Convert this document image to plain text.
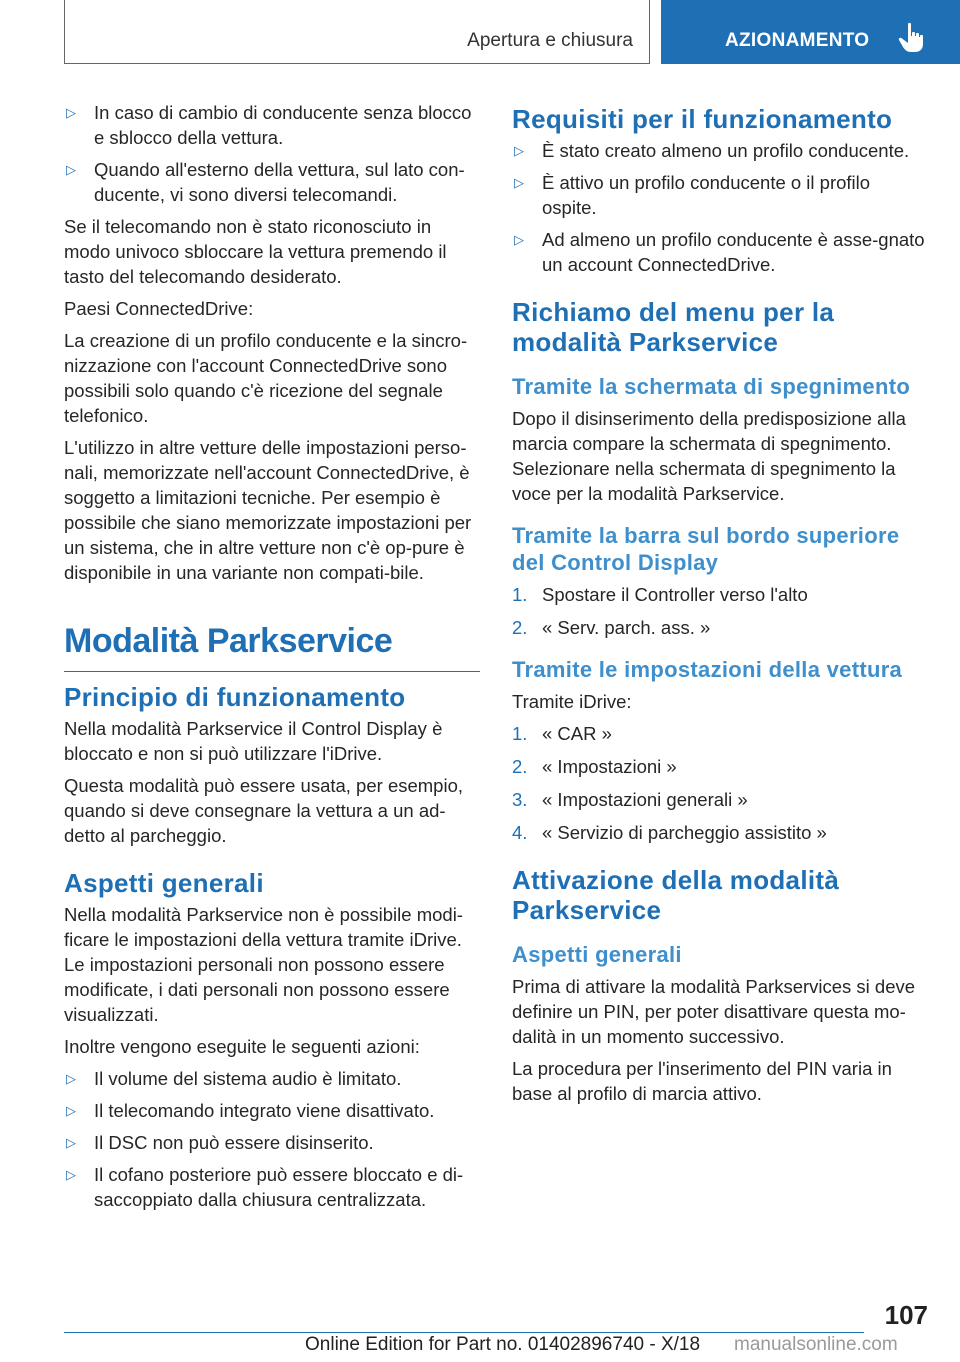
Apertura e chiusura	AZIONAMENTO
▷ In caso di cambio di conducente senza blocco e sblocco della vettura.
▷ Quando all'esterno della vettura, sul lato con-ducente, vi sono diversi telecomandi.

Se il telecomando non è stato riconosciuto in modo univoco sbloccare la vettura premendo il tasto del telecomando desiderato.

Paesi ConnectedDrive:

La creazione di un profilo conducente e la sincro-nizzazione con l'account ConnectedDrive sono possibili solo quando c'è ricezione del segnale telefonico.

L'utilizzo in altre vetture delle impostazioni perso-nali, memorizzate nell'account ConnectedDrive, è soggetto a limitazioni tecniche. Per esempio è possibile che siano memorizzate impostazioni per un sistema, che in altre vetture non c'è op-pure è disponibile in una variante non compati-bile.

Modalità Parkservice
Principio di funzionamento

Nella modalità Parkservice il Control Display è bloccato e non si può utilizzare l'iDrive.

Questa modalità può essere usata, per esempio, quando si deve consegnare la vettura a un ad-detto al parcheggio.

Aspetti generali

Nella modalità Parkservice non è possibile modi-ficare le impostazioni della vettura tramite iDrive. Le impostazioni personali non possono essere modificate, i dati personali non possono essere visualizzati.

Inoltre vengono eseguite le seguenti azioni:

▷ Il volume del sistema audio è limitato.
▷ Il telecomando integrato viene disattivato.
▷ Il DSC non può essere disinserito.
▷ Il cofano posteriore può essere bloccato e di-saccoppiato dalla chiusura centralizzata.
Requisiti per il funzionamento
▷ È stato creato almeno un profilo conducente.
▷ È attivo un profilo conducente o il profilo ospite.
▷ Ad almeno un profilo conducente è asse-gnato un account ConnectedDrive.
Richiamo del menu per la modalità Parkservice
Tramite la schermata di spegnimento

Dopo il disinserimento della predisposizione alla marcia compare la schermata di spegnimento. Selezionare nella schermata di spegnimento la voce per la modalità Parkservice.

Tramite la barra sul bordo superiore del Control Display
1. Spostare il Controller verso l'alto
2. « Serv. parch. ass. »
Tramite le impostazioni della vettura

Tramite iDrive:

1. « CAR »
2. « Impostazioni »
3. « Impostazioni generali »
4. « Servizio di parcheggio assistito »
Attivazione della modalità Parkservice
Aspetti generali

Prima di attivare la modalità Parkservices si deve definire un PIN, per poter disattivare questa mo-dalità in un momento successivo.

La procedura per l'inserimento del PIN varia in base al profilo di marcia attivo.

107
Online Edition for Part no. 01402896740 - X/18 manualsonline.com
